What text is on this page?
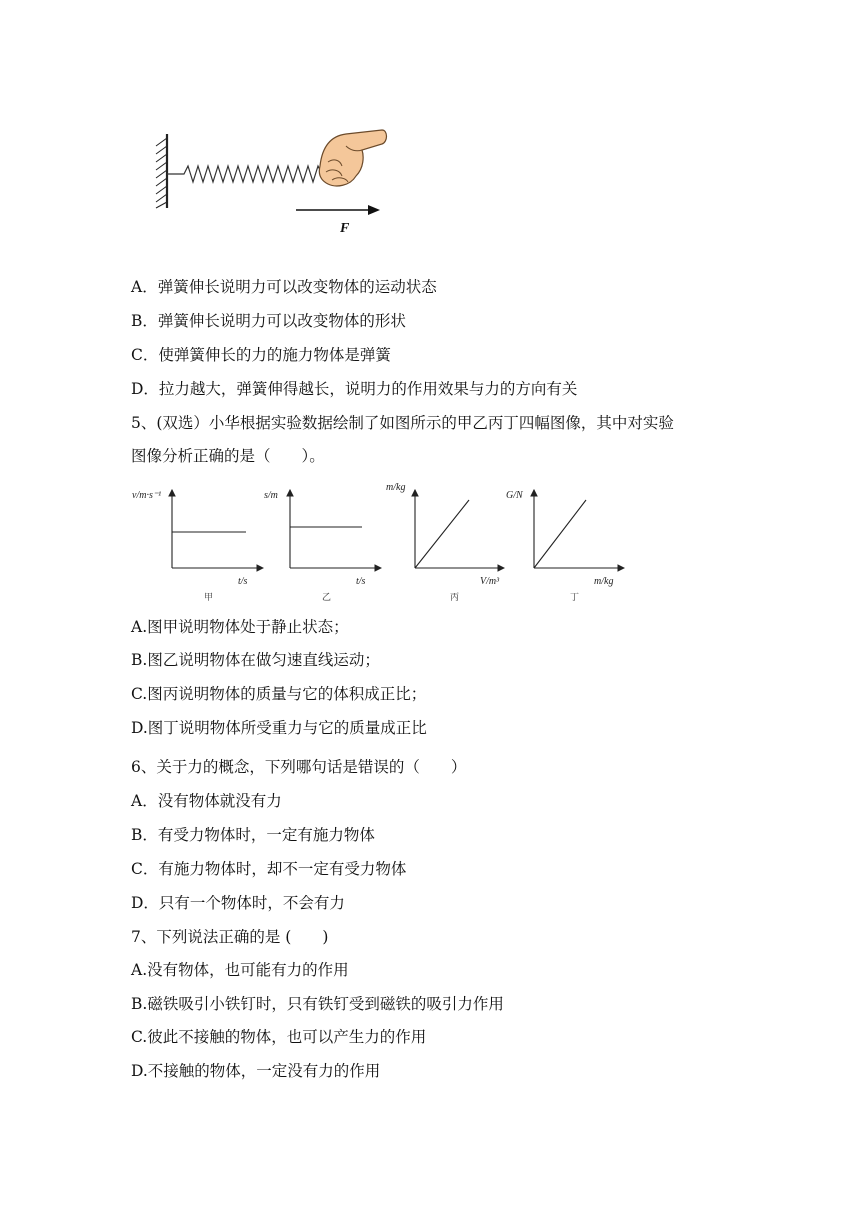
F
A．弹簧伸长说明力可以改变物体的运动状态
B．弹簧伸长说明力可以改变物体的形状
C．使弹簧伸长的力的施力物体是弹簧
D．拉力越大，弹簧伸得越长，说明力的作用效果与力的方向有关
5、(双选）小华根据实验数据绘制了如图所示的甲乙丙丁四幅图像，其中对实验
图像分析正确的是（　　）。
v/m·s⁻¹
t/s
甲
s/m
t/s
乙
m/kg
V/m³
丙
G/N
m/kg
丁
A.图甲说明物体处于静止状态；
B.图乙说明物体在做匀速直线运动；
C.图丙说明物体的质量与它的体积成正比；
D.图丁说明物体所受重力与它的质量成正比
6、关于力的概念，下列哪句话是错误的（　　）
A．没有物体就没有力
B．有受力物体时，一定有施力物体
C．有施力物体时，却不一定有受力物体
D．只有一个物体时，不会有力
7、下列说法正确的是 (　　)
A.没有物体，也可能有力的作用
B.磁铁吸引小铁钉时，只有铁钉受到磁铁的吸引力作用
C.彼此不接触的物体，也可以产生力的作用
D.不接触的物体，一定没有力的作用
